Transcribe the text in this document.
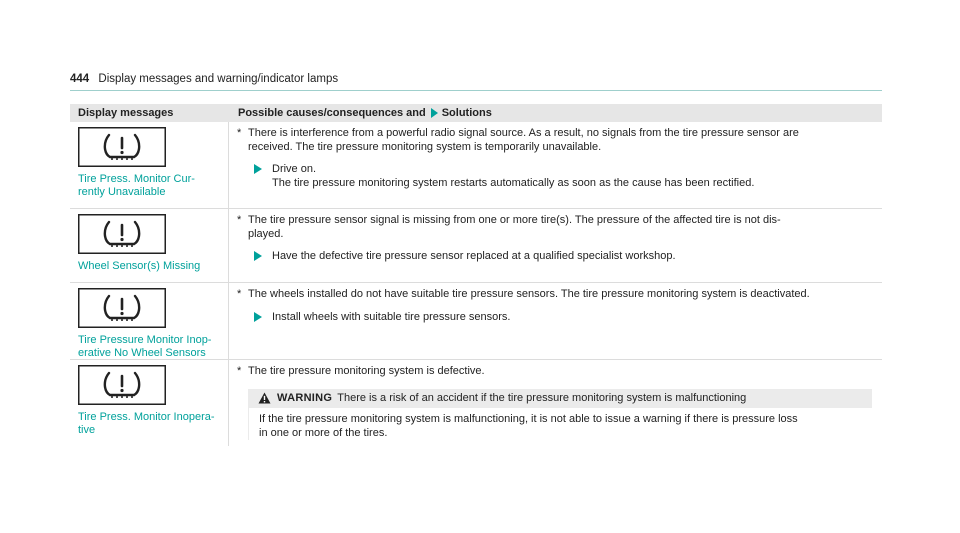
444 Display messages and warning/indicator lamps
Display messages	Possible causes/consequences and Solutions
Tire Press. Monitor Cur-
rently Unavailable
* There is interference from a powerful radio signal source. As a result, no signals from the tire pressure sensor are
received. The tire pressure monitoring system is temporarily unavailable.
Drive on.
The tire pressure monitoring system restarts automatically as soon as the cause has been rectified.
Wheel Sensor(s) Missing
* The tire pressure sensor signal is missing from one or more tire(s). The pressure of the affected tire is not dis-
played.
Have the defective tire pressure sensor replaced at a qualified specialist workshop.
Tire Pressure Monitor Inop-
erative No Wheel Sensors
* The wheels installed do not have suitable tire pressure sensors. The tire pressure monitoring system is deactivated.
Install wheels with suitable tire pressure sensors.
Tire Press. Monitor Inopera-
tive
* The tire pressure monitoring system is defective.
WARNING There is a risk of an accident if the tire pressure monitoring system is malfunctioning
If the tire pressure monitoring system is malfunctioning, it is not able to issue a warning if there is pressure loss
in one or more of the tires.
